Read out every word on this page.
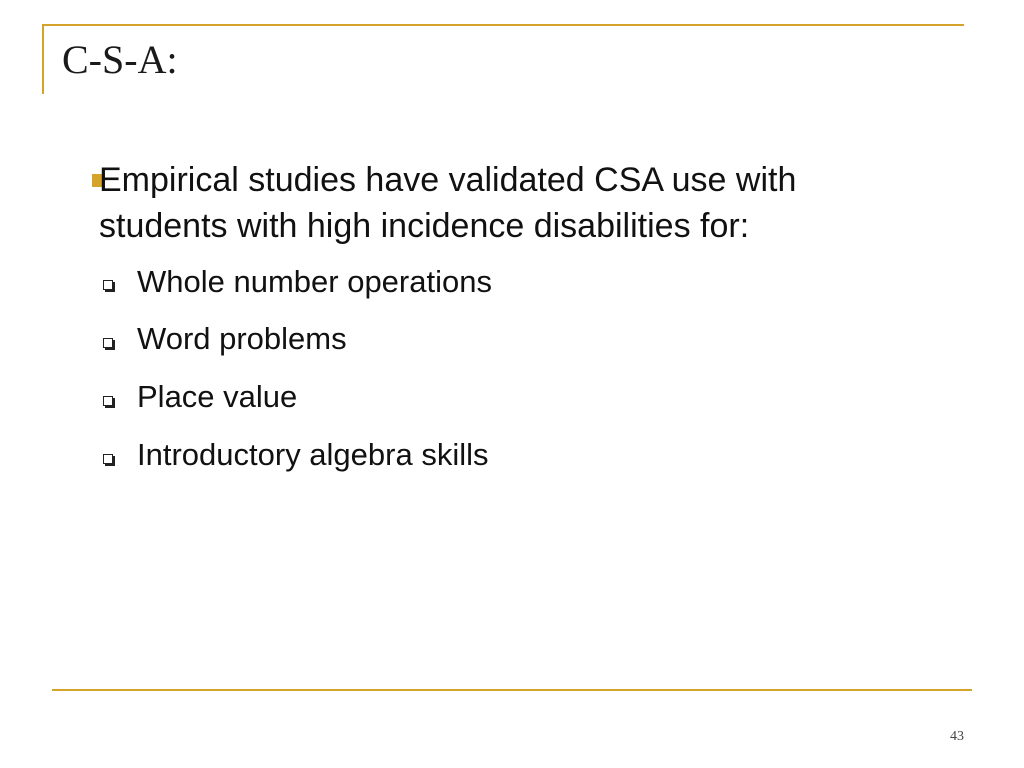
C-S-A:
Empirical studies have validated CSA use with
students with high incidence disabilities for:
Whole number operations
Word problems
Place value
Introductory algebra skills
43
